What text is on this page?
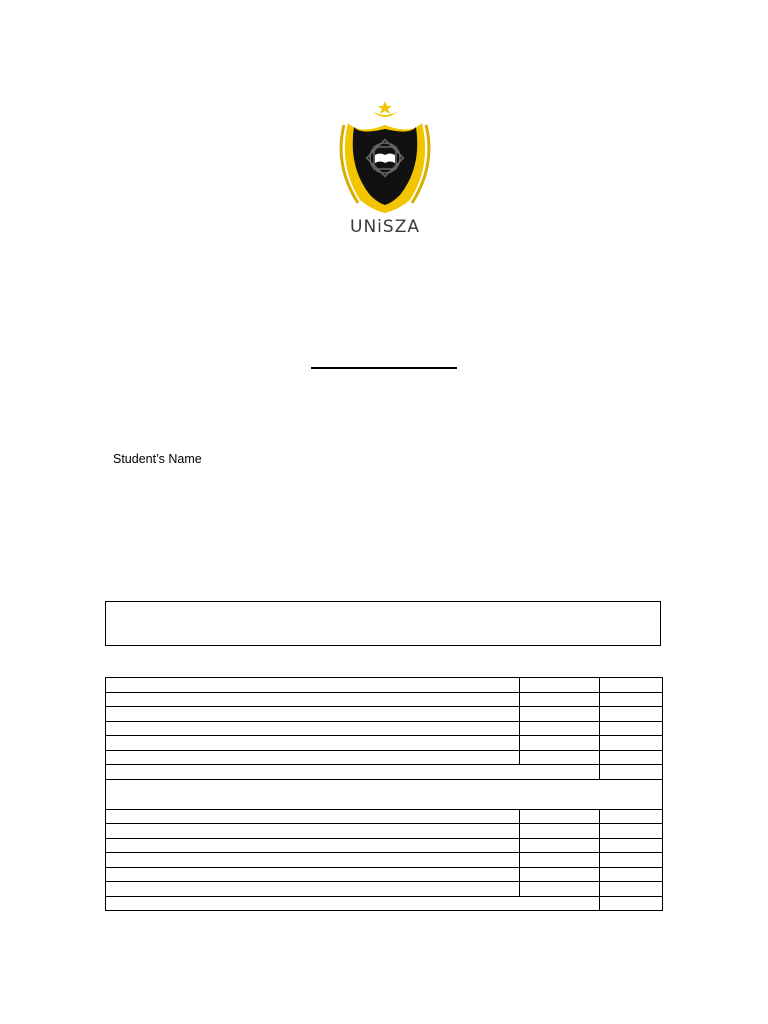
UNiSZA
Student’s Name
